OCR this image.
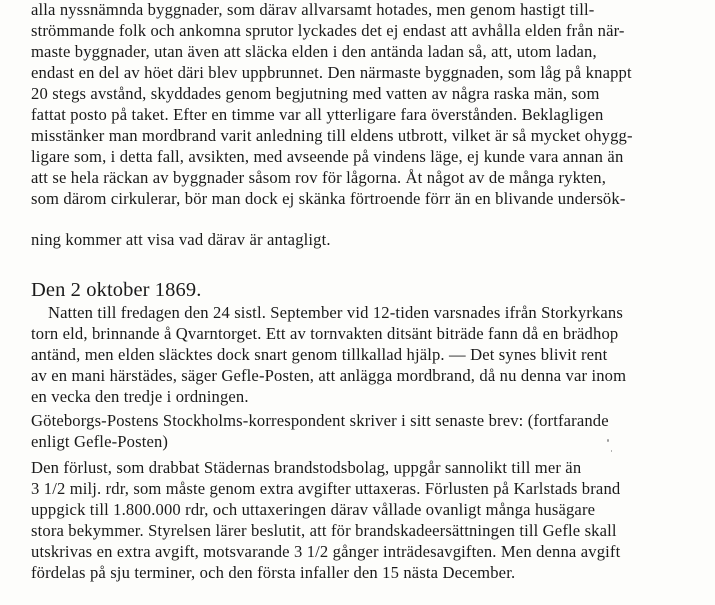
alla nyssnämnda byggnader, som därav allvarsamt hotades, men genom hastigt till-
strömmande folk och ankomna sprutor lyckades det ej endast att avhålla elden från när-
maste byggnader, utan även att släcka elden i den antända ladan så, att, utom ladan,
endast en del av höet däri blev uppbrunnet. Den närmaste byggnaden, som låg på knappt
20 stegs avstånd, skyddades genom begjutning med vatten av några raska män, som
fattat posto på taket. Efter en timme var all ytterligare fara överstånden. Beklagligen
misstänker man mordbrand varit anledning till eldens utbrott, vilket är så mycket ohygg-
ligare som, i detta fall, avsikten, med avseende på vindens läge, ej kunde vara annan än
att se hela räckan av byggnader såsom rov för lågorna. Åt något av de många rykten,
som därom cirkulerar, bör man dock ej skänka förtroende förr än en blivande undersök-
ning kommer att visa vad därav är antagligt.
Den 2 oktober 1869.
Natten till fredagen den 24 sistl. September vid 12-tiden varsnades ifrån Storkyrkans
torn eld, brinnande å Qvarntorget. Ett av tornvakten ditsänt biträde fann då en brädhop
antänd, men elden släcktes dock snart genom tillkallad hjälp. — Det synes blivit rent
av en mani härstädes, säger Gefle-Posten, att anlägga mordbrand, då nu denna var inom
en vecka den tredje i ordningen.
Göteborgs-Postens Stockholms-korrespondent skriver i sitt senaste brev: (fortfarande
enligt Gefle-Posten)
Den förlust, som drabbat Städernas brandstodsbolag, uppgår sannolikt till mer än
3 1/2 milj. rdr, som måste genom extra avgifter uttaxeras. Förlusten på Karlstads brand
uppgick till 1.800.000 rdr, och uttaxeringen därav vållade ovanligt många husägare
stora bekymmer. Styrelsen lärer beslutit, att för brandskadeersättningen till Gefle skall
utskrivas en extra avgift, motsvarande 3 1/2 gånger inträdesavgiften. Men denna avgift
fördelas på sju terminer, och den första infaller den 15 nästa December.
